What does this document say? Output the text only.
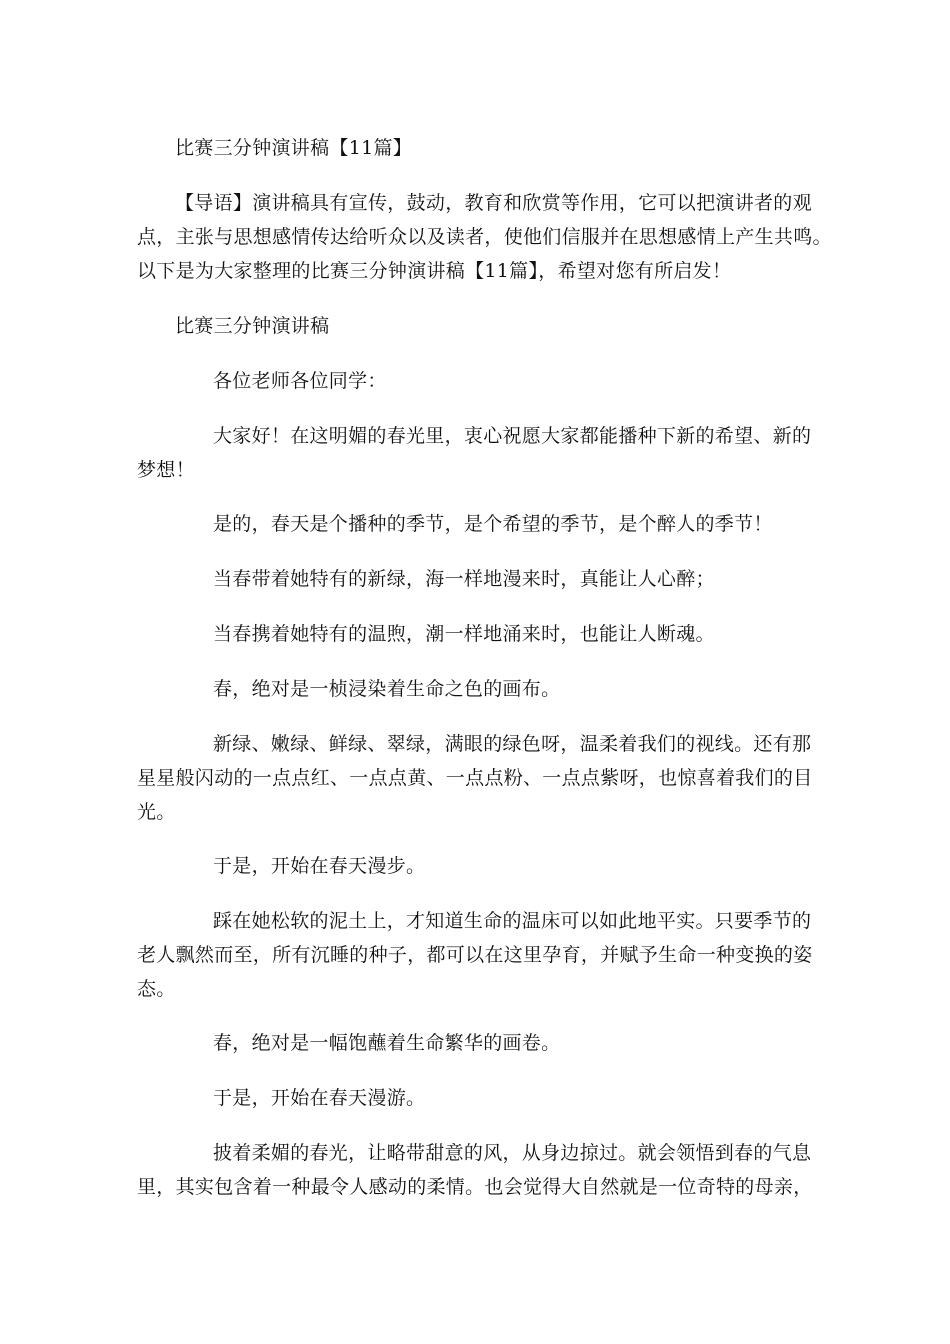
比赛三分钟演讲稿【11篇】
【导语】演讲稿具有宣传，鼓动，教育和欣赏等作用，它可以把演讲者的观
点，主张与思想感情传达给听众以及读者，使他们信服并在思想感情上产生共鸣。
以下是为大家整理的比赛三分钟演讲稿【11篇】，希望对您有所启发！
比赛三分钟演讲稿
各位老师各位同学：
大家好！在这明媚的春光里，衷心祝愿大家都能播种下新的希望、新的
梦想！
是的，春天是个播种的季节，是个希望的季节，是个醉人的季节！
当春带着她特有的新绿，海一样地漫来时，真能让人心醉；
当春携着她特有的温煦，潮一样地涌来时，也能让人断魂。
春，绝对是一桢浸染着生命之色的画布。
新绿、嫩绿、鲜绿、翠绿，满眼的绿色呀，温柔着我们的视线。还有那
星星般闪动的一点点红、一点点黄、一点点粉、一点点紫呀，也惊喜着我们的目
光。
于是，开始在春天漫步。
踩在她松软的泥土上，才知道生命的温床可以如此地平实。只要季节的
老人飘然而至，所有沉睡的种子，都可以在这里孕育，并赋予生命一种变换的姿
态。
春，绝对是一幅饱蘸着生命繁华的画卷。
于是，开始在春天漫游。
披着柔媚的春光，让略带甜意的风，从身边掠过。就会领悟到春的气息
里，其实包含着一种最令人感动的柔情。也会觉得大自然就是一位奇特的母亲，
